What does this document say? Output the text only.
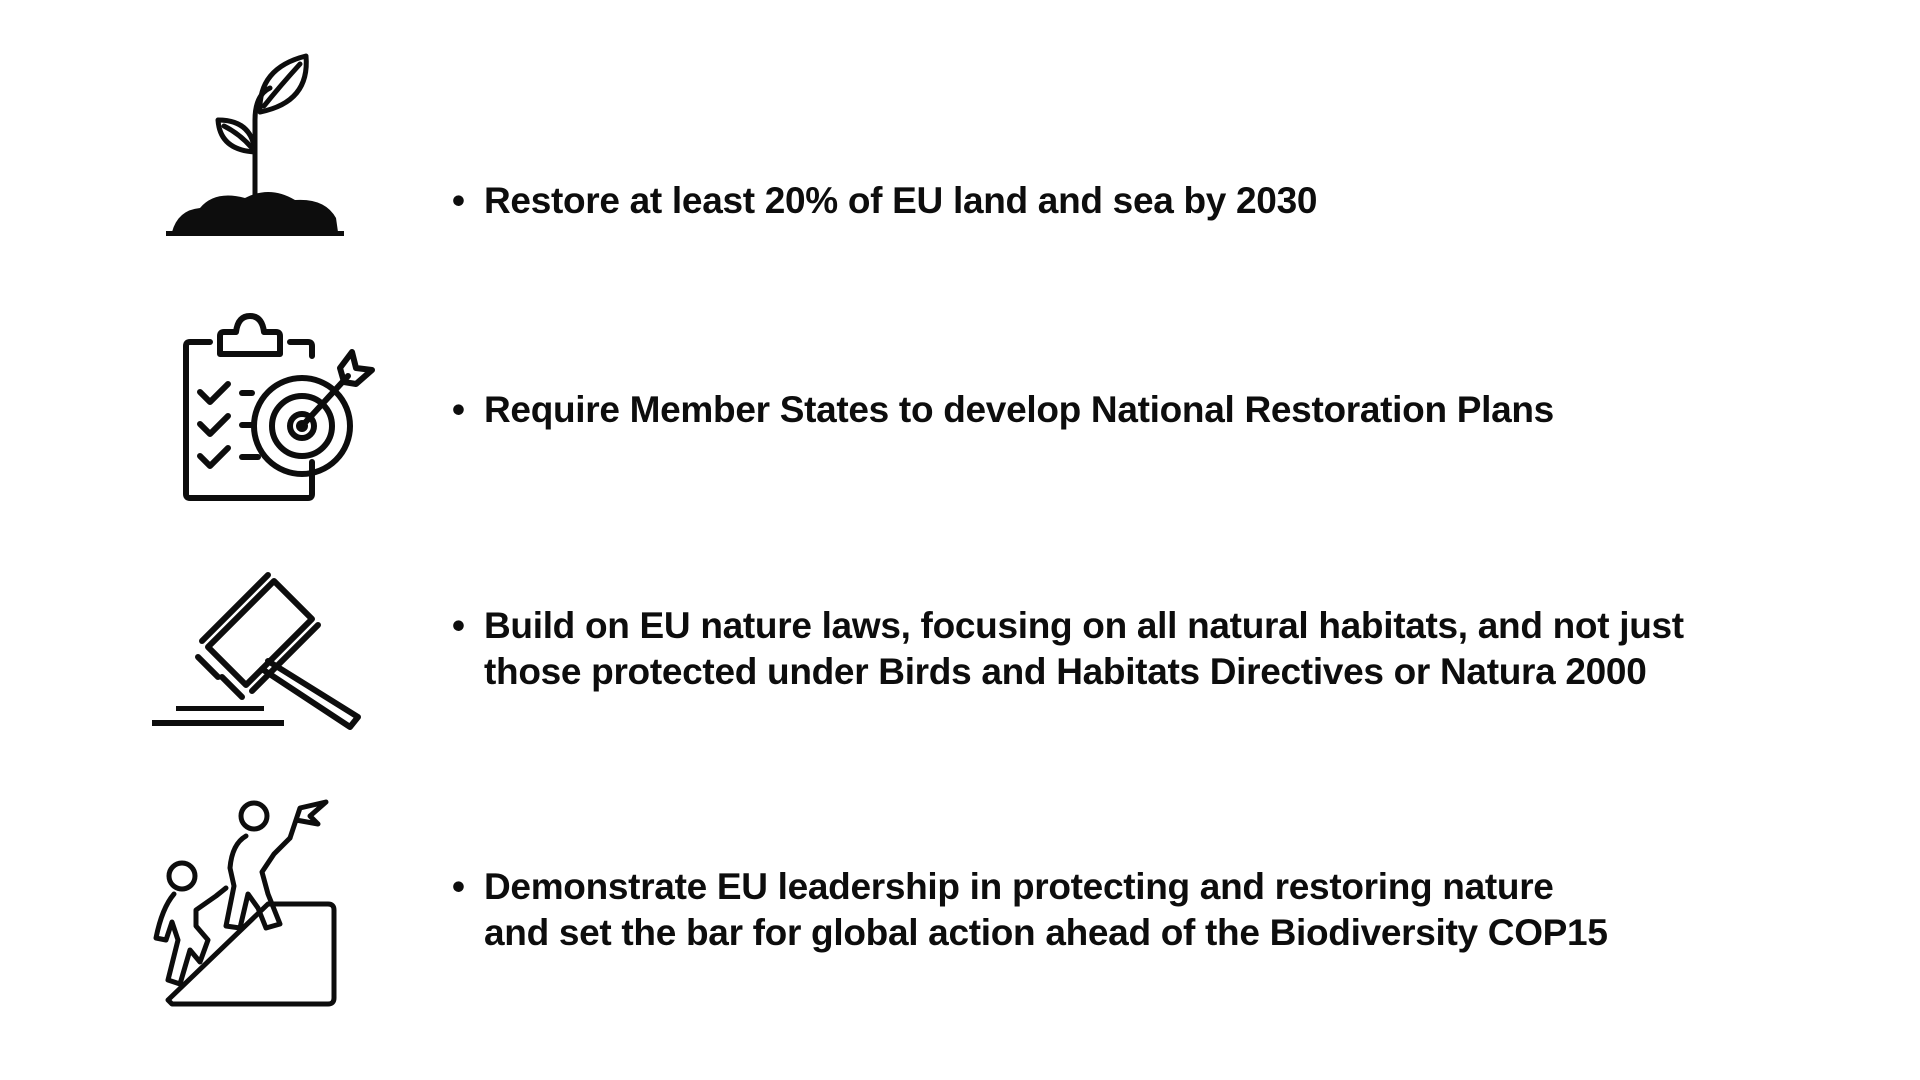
• Restore at least 20% of EU land and sea by 2030
• Require Member States to develop National Restoration Plans
• Build on EU nature laws, focusing on all natural habitats, and not just
those protected under Birds and Habitats Directives or Natura 2000
• Demonstrate EU leadership in protecting and restoring nature
and set the bar for global action ahead of the Biodiversity COP15
